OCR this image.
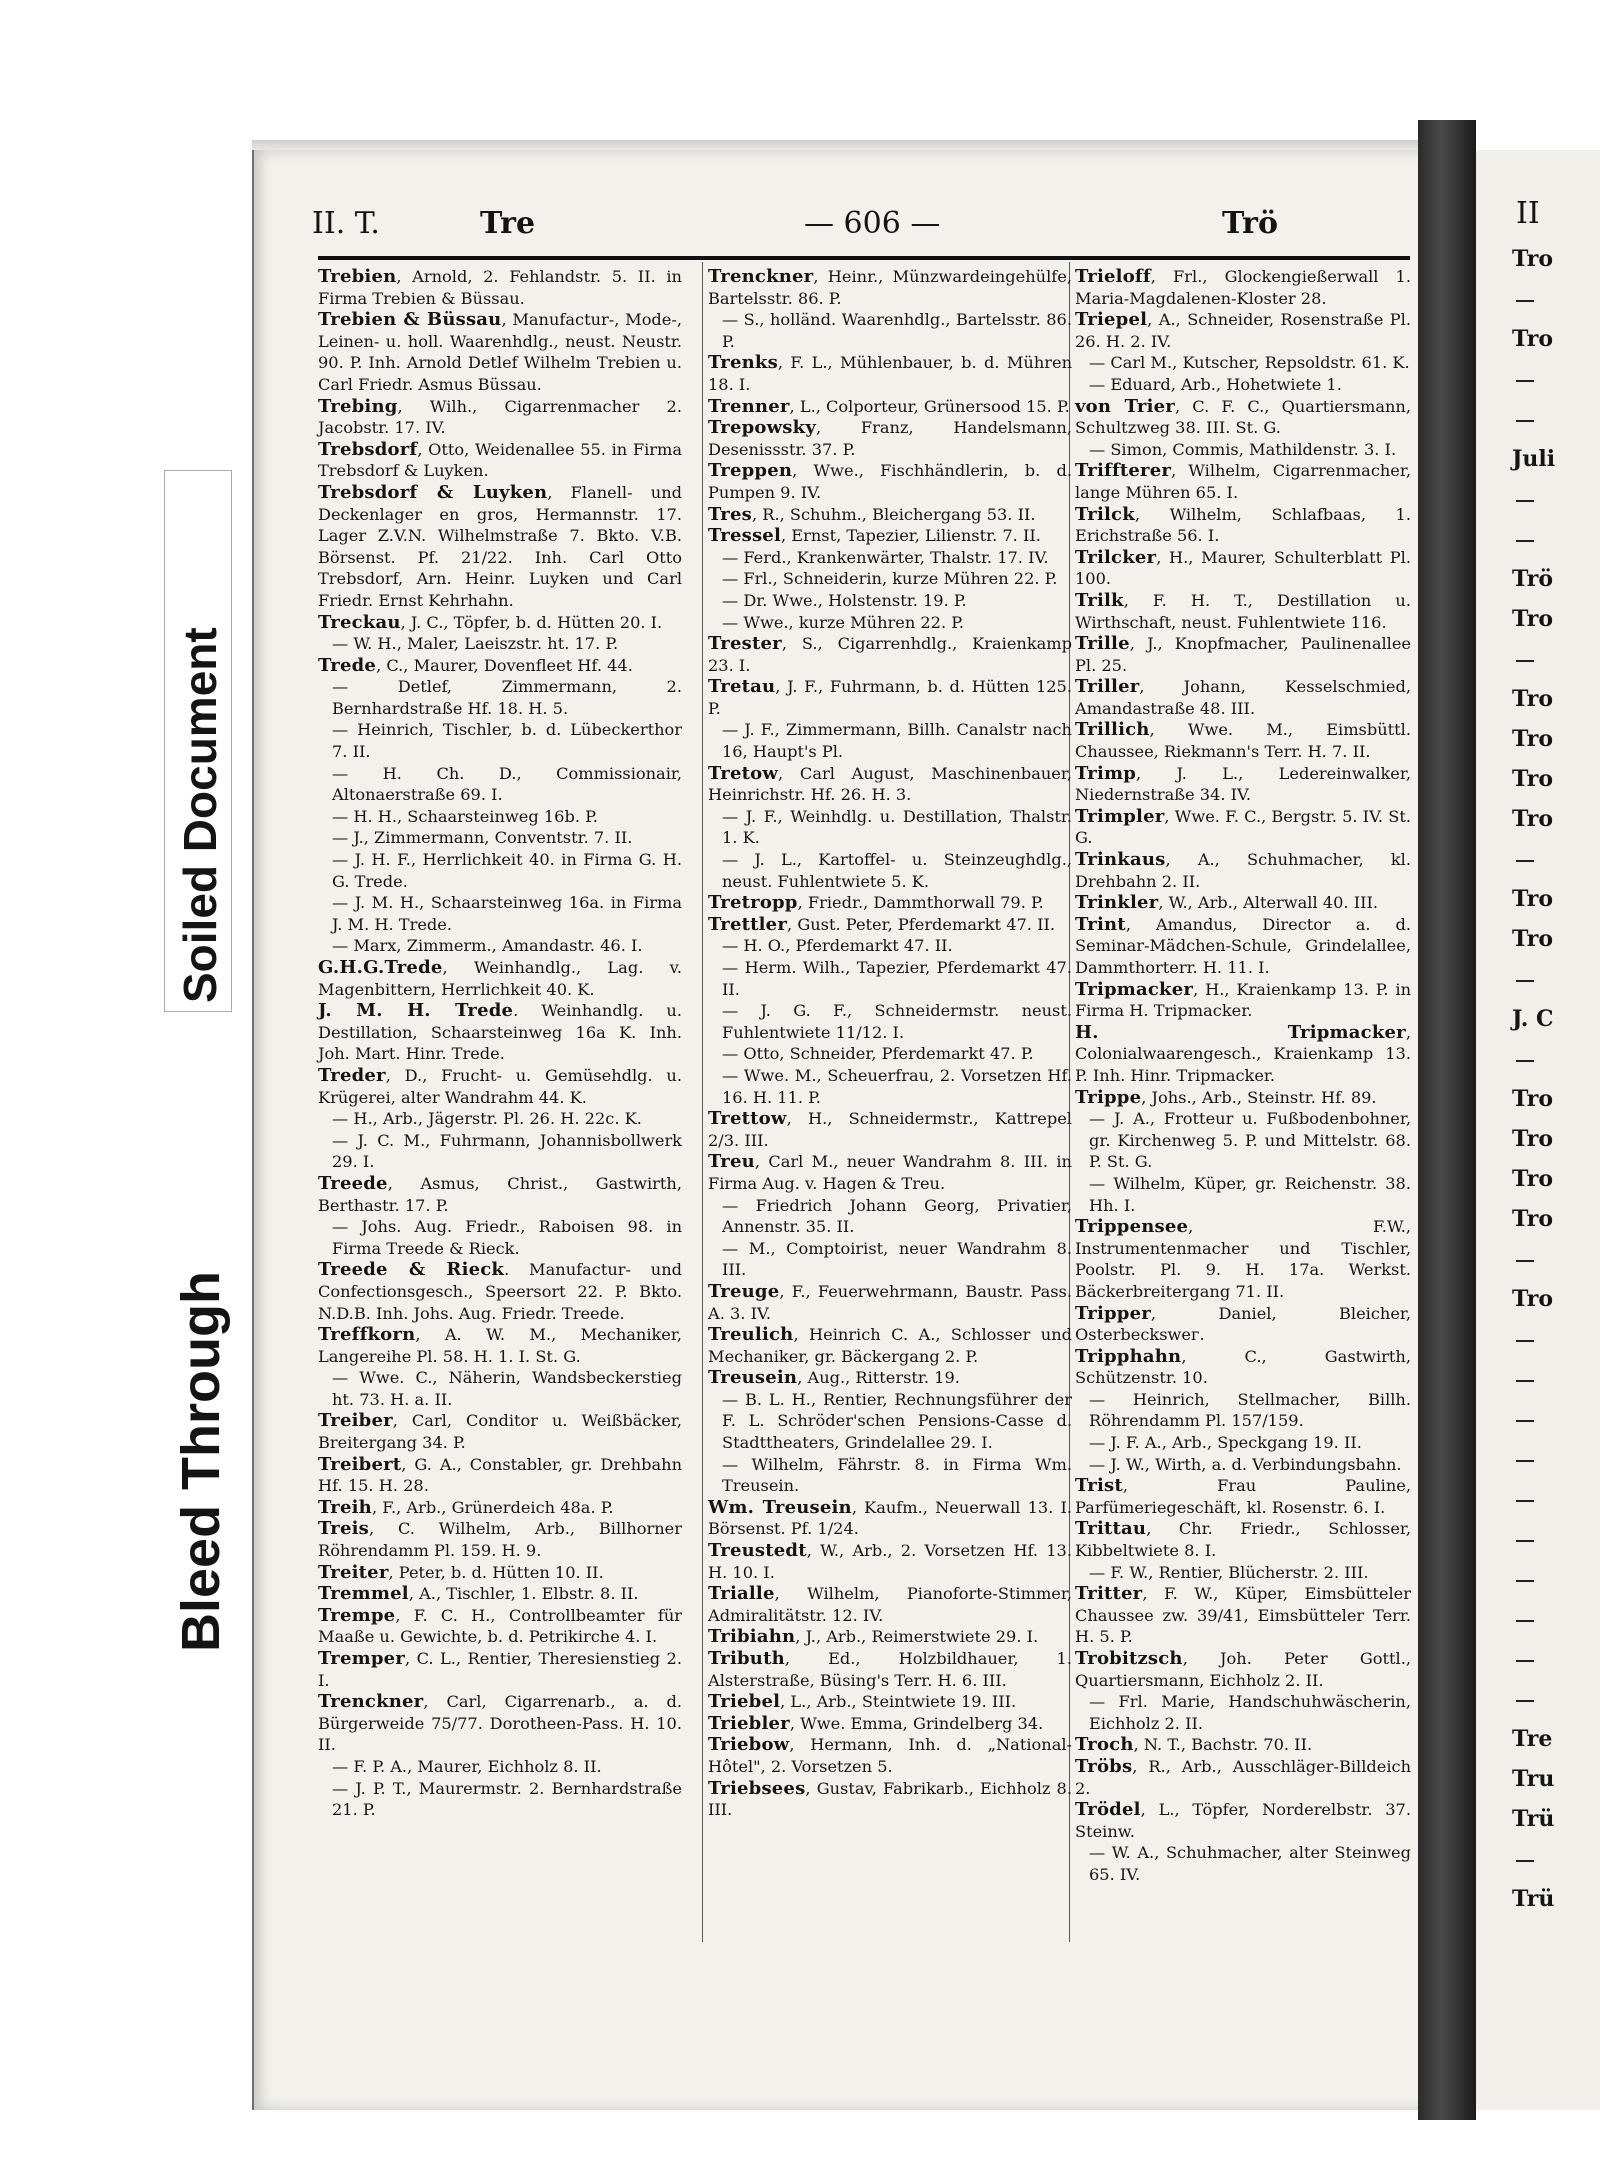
Soiled Document
Bleed Through
II
Tro
Tro
Juli
Trö
Tro
Tro
Tro
Tro
Tro
Tro
Tro
J. C
Tro
Tro
Tro
Tro
Tro
Tre
Tru
Trü
Trü
II. T.	Tre	— 606 —	Trö
Trebien, Arnold, 2. Fehlandstr. 5. II. in Firma Trebien & Büssau.
Trebien & Büssau, Manufactur-, Mode-, Leinen- u. holl. Waarenhdlg., neust. Neustr. 90. P. Inh. Arnold Detlef Wilhelm Trebien u. Carl Friedr. Asmus Büssau.
Trebing, Wilh., Cigarrenmacher 2. Jacobstr. 17. IV.
Trebsdorf, Otto, Weidenallee 55. in Firma Trebsdorf & Luyken.
Trebsdorf & Luyken, Flanell- und Deckenlager en gros, Hermannstr. 17. Lager Z.V.N. Wilhelmstraße 7. Bkto. V.B. Börsenst. Pf. 21/22. Inh. Carl Otto Trebsdorf, Arn. Heinr. Luyken und Carl Friedr. Ernst Kehrhahn.
Treckau, J. C., Töpfer, b. d. Hütten 20. I.
— W. H., Maler, Laeiszstr. ht. 17. P.
Trede, C., Maurer, Dovenfleet Hf. 44.
— Detlef, Zimmermann, 2. Bernhardstraße Hf. 18. H. 5.
— Heinrich, Tischler, b. d. Lübeckerthor 7. II.
— H. Ch. D., Commissionair, Altonaerstraße 69. I.
— H. H., Schaarsteinweg 16b. P.
— J., Zimmermann, Conventstr. 7. II.
— J. H. F., Herrlichkeit 40. in Firma G. H. G. Trede.
— J. M. H., Schaarsteinweg 16a. in Firma J. M. H. Trede.
— Marx, Zimmerm., Amandastr. 46. I.
G.H.G.Trede, Weinhandlg., Lag. v. Magenbittern, Herrlichkeit 40. K.
J. M. H. Trede. Weinhandlg. u. Destillation, Schaarsteinweg 16a K. Inh. Joh. Mart. Hinr. Trede.
Treder, D., Frucht- u. Gemüsehdlg. u. Krügerei, alter Wandrahm 44. K.
— H., Arb., Jägerstr. Pl. 26. H. 22c. K.
— J. C. M., Fuhrmann, Johannisbollwerk 29. I.
Treede, Asmus, Christ., Gastwirth, Berthastr. 17. P.
— Johs. Aug. Friedr., Raboisen 98. in Firma Treede & Rieck.
Treede & Rieck. Manufactur- und Confectionsgesch., Speersort 22. P. Bkto. N.D.B. Inh. Johs. Aug. Friedr. Treede.
Treffkorn, A. W. M., Mechaniker, Langereihe Pl. 58. H. 1. I. St. G.
— Wwe. C., Näherin, Wandsbeckerstieg ht. 73. H. a. II.
Treiber, Carl, Conditor u. Weißbäcker, Breitergang 34. P.
Treibert, G. A., Constabler, gr. Drehbahn Hf. 15. H. 28.
Treih, F., Arb., Grünerdeich 48a. P.
Treis, C. Wilhelm, Arb., Billhorner Röhrendamm Pl. 159. H. 9.
Treiter, Peter, b. d. Hütten 10. II.
Tremmel, A., Tischler, 1. Elbstr. 8. II.
Trempe, F. C. H., Controllbeamter für Maaße u. Gewichte, b. d. Petrikirche 4. I.
Tremper, C. L., Rentier, Theresienstieg 2. I.
Trenckner, Carl, Cigarrenarb., a. d. Bürgerweide 75/77. Dorotheen-Pass. H. 10. II.
— F. P. A., Maurer, Eichholz 8. II.
— J. P. T., Maurermstr. 2. Bernhardstraße 21. P.
Trenckner, Heinr., Münzwardeingehülfe, Bartelsstr. 86. P.
— S., holländ. Waarenhdlg., Bartelsstr. 86. P.
Trenks, F. L., Mühlenbauer, b. d. Mühren 18. I.
Trenner, L., Colporteur, Grünersood 15. P.
Trepowsky, Franz, Handelsmann, Desenissstr. 37. P.
Treppen, Wwe., Fischhändlerin, b. d. Pumpen 9. IV.
Tres, R., Schuhm., Bleichergang 53. II.
Tressel, Ernst, Tapezier, Lilienstr. 7. II.
— Ferd., Krankenwärter, Thalstr. 17. IV.
— Frl., Schneiderin, kurze Mühren 22. P.
— Dr. Wwe., Holstenstr. 19. P.
— Wwe., kurze Mühren 22. P.
Trester, S., Cigarrenhdlg., Kraienkamp 23. I.
Tretau, J. F., Fuhrmann, b. d. Hütten 125. P.
— J. F., Zimmermann, Billh. Canalstr nach 16, Haupt's Pl.
Tretow, Carl August, Maschinenbauer, Heinrichstr. Hf. 26. H. 3.
— J. F., Weinhdlg. u. Destillation, Thalstr. 1. K.
— J. L., Kartoffel- u. Steinzeughdlg., neust. Fuhlentwiete 5. K.
Tretropp, Friedr., Dammthorwall 79. P.
Trettler, Gust. Peter, Pferdemarkt 47. II.
— H. O., Pferdemarkt 47. II.
— Herm. Wilh., Tapezier, Pferdemarkt 47. II.
— J. G. F., Schneidermstr. neust. Fuhlentwiete 11/12. I.
— Otto, Schneider, Pferdemarkt 47. P.
— Wwe. M., Scheuerfrau, 2. Vorsetzen Hf. 16. H. 11. P.
Trettow, H., Schneidermstr., Kattrepel 2/3. III.
Treu, Carl M., neuer Wandrahm 8. III. in Firma Aug. v. Hagen & Treu.
— Friedrich Johann Georg, Privatier, Annenstr. 35. II.
— M., Comptoirist, neuer Wandrahm 8. III.
Treuge, F., Feuerwehrmann, Baustr. Pass. A. 3. IV.
Treulich, Heinrich C. A., Schlosser und Mechaniker, gr. Bäckergang 2. P.
Treusein, Aug., Ritterstr. 19.
— B. L. H., Rentier, Rechnungsführer der F. L. Schröder'schen Pensions-Casse d. Stadttheaters, Grindelallee 29. I.
— Wilhelm, Fährstr. 8. in Firma Wm. Treusein.
Wm. Treusein, Kaufm., Neuerwall 13. I. Börsenst. Pf. 1/24.
Treustedt, W., Arb., 2. Vorsetzen Hf. 13. H. 10. I.
Trialle, Wilhelm, Pianoforte-Stimmer, Admiralitätstr. 12. IV.
Tribiahn, J., Arb., Reimerstwiete 29. I.
Tributh, Ed., Holzbildhauer, 1. Alsterstraße, Büsing's Terr. H. 6. III.
Triebel, L., Arb., Steintwiete 19. III.
Triebler, Wwe. Emma, Grindelberg 34.
Triebow, Hermann, Inh. d. „National-Hôtel", 2. Vorsetzen 5.
Triebsees, Gustav, Fabrikarb., Eichholz 8. III.
Trieloff, Frl., Glockengießerwall 1. Maria-Magdalenen-Kloster 28.
Triepel, A., Schneider, Rosenstraße Pl. 26. H. 2. IV.
— Carl M., Kutscher, Repsoldstr. 61. K.
— Eduard, Arb., Hohetwiete 1.
von Trier, C. F. C., Quartiersmann, Schultzweg 38. III. St. G.
— Simon, Commis, Mathildenstr. 3. I.
Triffterer, Wilhelm, Cigarrenmacher, lange Mühren 65. I.
Trilck, Wilhelm, Schlafbaas, 1. Erichstraße 56. I.
Trilcker, H., Maurer, Schulterblatt Pl. 100.
Trilk, F. H. T., Destillation u. Wirthschaft, neust. Fuhlentwiete 116.
Trille, J., Knopfmacher, Paulinenallee Pl. 25.
Triller, Johann, Kesselschmied, Amandastraße 48. III.
Trillich, Wwe. M., Eimsbüttl. Chaussee, Riekmann's Terr. H. 7. II.
Trimp, J. L., Ledereinwalker, Niedernstraße 34. IV.
Trimpler, Wwe. F. C., Bergstr. 5. IV. St. G.
Trinkaus, A., Schuhmacher, kl. Drehbahn 2. II.
Trinkler, W., Arb., Alterwall 40. III.
Trint, Amandus, Director a. d. Seminar-Mädchen-Schule, Grindelallee, Dammthorterr. H. 11. I.
Tripmacker, H., Kraienkamp 13. P. in Firma H. Tripmacker.
H. Tripmacker, Colonialwaarengesch., Kraienkamp 13. P. Inh. Hinr. Tripmacker.
Trippe, Johs., Arb., Steinstr. Hf. 89.
— J. A., Frotteur u. Fußbodenbohner, gr. Kirchenweg 5. P. und Mittelstr. 68. P. St. G.
— Wilhelm, Küper, gr. Reichenstr. 38. Hh. I.
Trippensee, F.W., Instrumentenmacher und Tischler, Poolstr. Pl. 9. H. 17a. Werkst. Bäckerbreitergang 71. II.
Tripper, Daniel, Bleicher, Osterbeckswег.
Tripphahn, C., Gastwirth, Schützenstr. 10.
— Heinrich, Stellmacher, Billh. Röhrendamm Pl. 157/159.
— J. F. A., Arb., Speckgang 19. II.
— J. W., Wirth, a. d. Verbindungsbahn.
Trist, Frau Pauline, Parfümeriegeschäft, kl. Rosenstr. 6. I.
Trittau, Chr. Friedr., Schlosser, Kibbeltwiete 8. I.
— F. W., Rentier, Blücherstr. 2. III.
Tritter, F. W., Küper, Eimsbütteler Chaussee zw. 39/41, Eimsbütteler Terr. H. 5. P.
Trobitzsch, Joh. Peter Gottl., Quartiersmann, Eichholz 2. II.
— Frl. Marie, Handschuhwäscherin, Eichholz 2. II.
Troch, N. T., Bachstr. 70. II.
Tröbs, R., Arb., Ausschläger-Billdeich 2.
Trödel, L., Töpfer, Norderelbstr. 37. Steinw.
— W. A., Schuhmacher, alter Steinweg 65. IV.
